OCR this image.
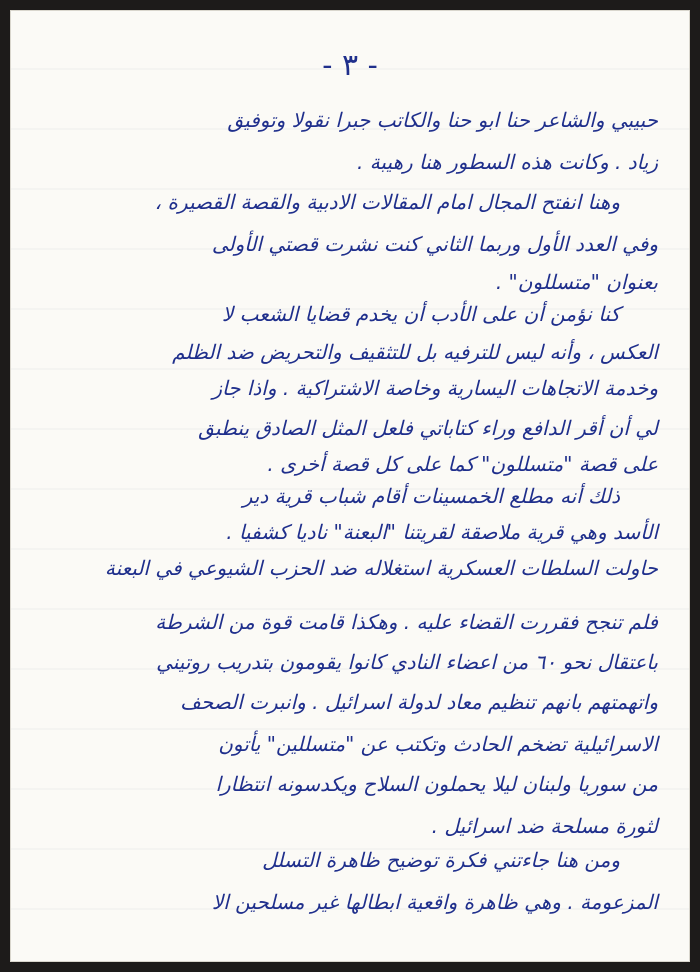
- ٣ -
حبيبي والشاعر حنا ابو حنا والكاتب جبرا نقولا وتوفيق
زياد . وكانت هذه السطور هنا رهيبة .
وهنا انفتح المجال امام المقالات الادبية والقصة القصيرة ،
وفي العدد الأول وربما الثاني كنت نشرت قصتي الأولى
بعنوان "متسللون" .
كنا نؤمن أن على الأدب أن يخدم قضايا الشعب لا
العكس ، وأنه ليس للترفيه بل للتثقيف والتحريض ضد الظلم
وخدمة الاتجاهات اليسارية وخاصة الاشتراكية . واذا جاز
لي أن أقر الدافع وراء كتاباتي فلعل المثل الصادق ينطبق
على قصة "متسللون" كما على كل قصة أخرى .
ذلك أنه مطلع الخمسينات أقام شباب قرية دير
الأسد وهي قرية ملاصقة لقريتنا "البعنة" ناديا كشفيا .
حاولت السلطات العسكرية استغلاله ضد الحزب الشيوعي في البعنة
فلم تنجح فقررت القضاء عليه . وهكذا قامت قوة من الشرطة
باعتقال نحو ٦٠ من اعضاء النادي كانوا يقومون بتدريب روتيني
واتهمتهم بانهم تنظيم معاد لدولة اسرائيل . وانبرت الصحف
الاسرائيلية تضخم الحادث وتكتب عن "متسللين" يأتون
من سوريا ولبنان ليلا يحملون السلاح ويكدسونه انتظارا
لثورة مسلحة ضد اسرائيل .
ومن هنا جاءتني فكرة توضيح ظاهرة التسلل
المزعومة . وهي ظاهرة واقعية ابطالها غير مسلحين الا
